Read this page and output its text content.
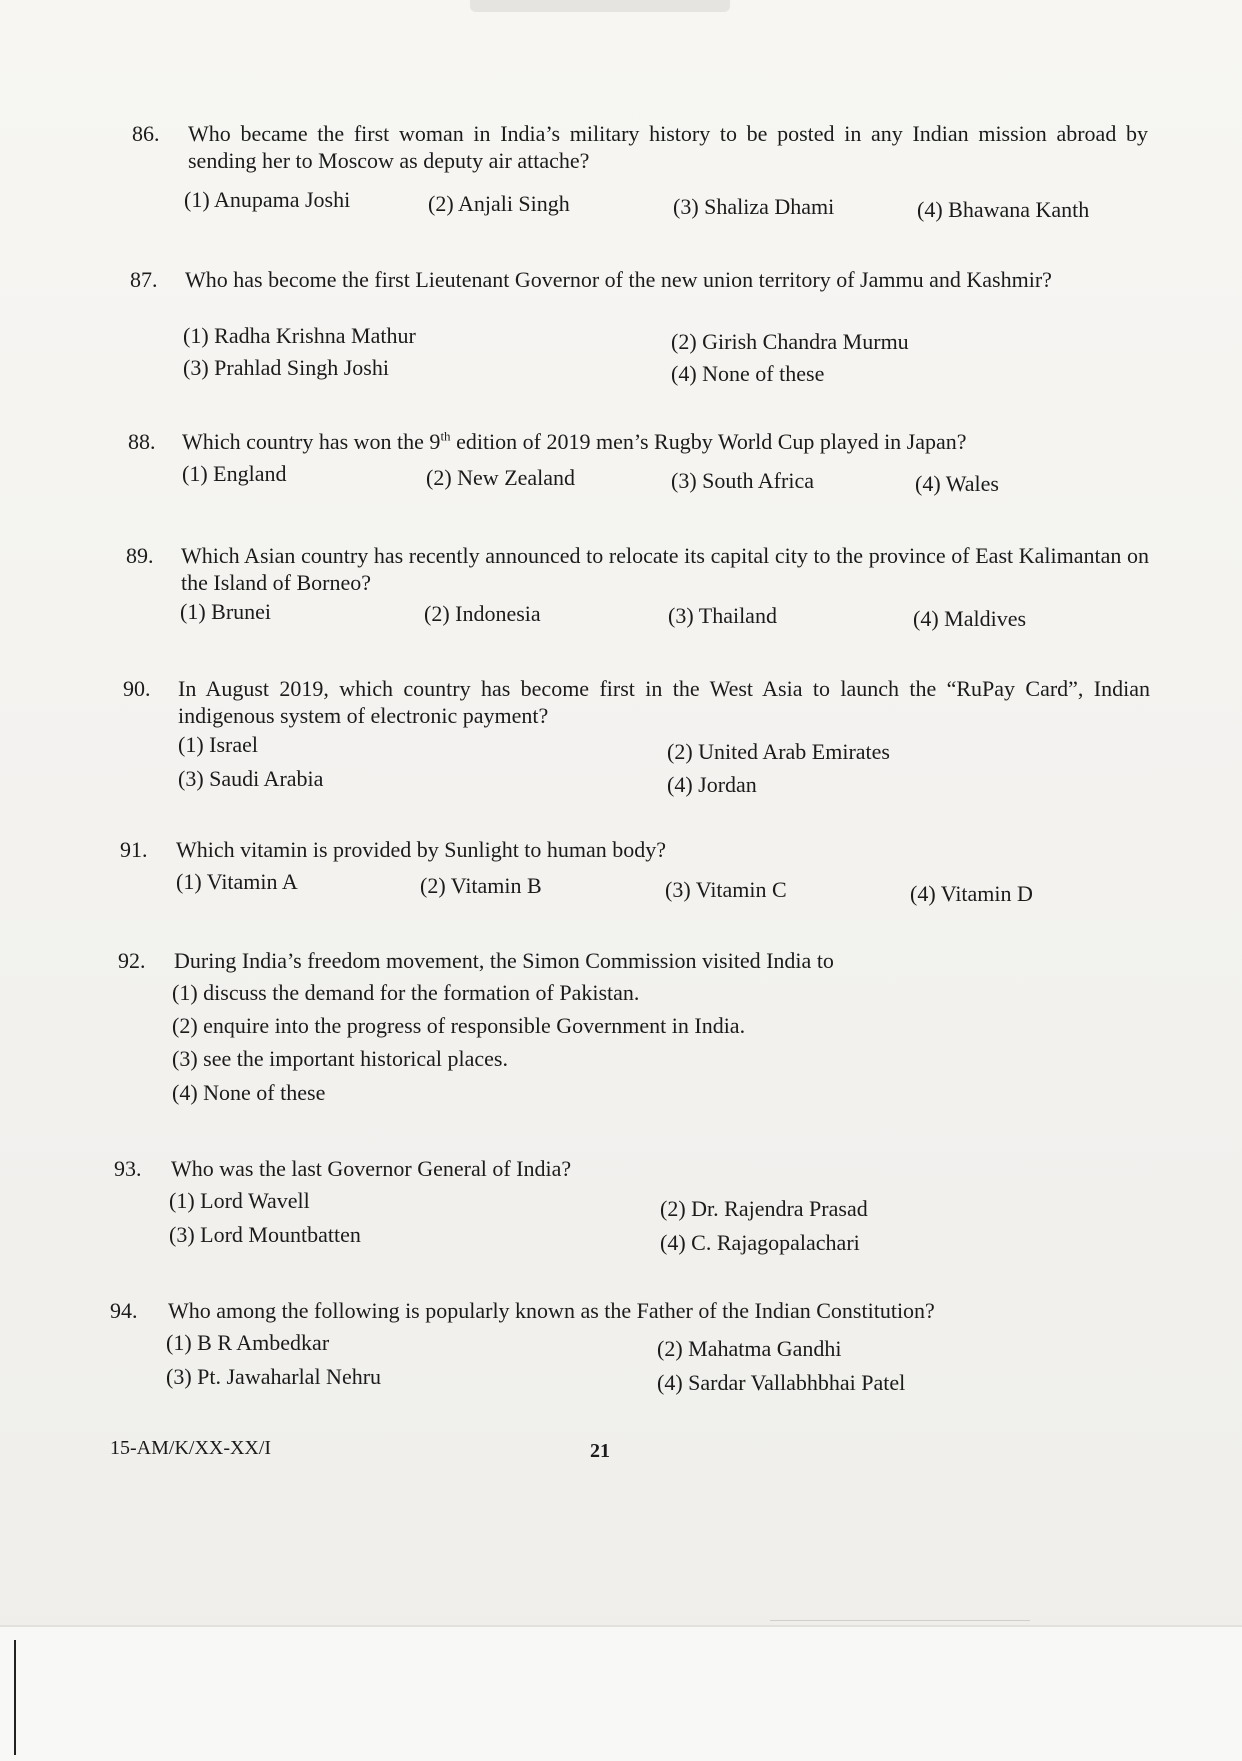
86. Who became the first woman in India’s military history to be posted in any Indian mission abroad by sending her to Moscow as deputy air attache?
(1) Anupama Joshi	(2) Anjali Singh	(3) Shaliza Dhami	(4) Bhawana Kanth
87. Who has become the first Lieutenant Governor of the new union territory of Jammu and Kashmir?
(1) Radha Krishna Mathur	(2) Girish Chandra Murmu
(3) Prahlad Singh Joshi	(4) None of these
88. Which country has won the 9th edition of 2019 men’s Rugby World Cup played in Japan?
(1) England	(2) New Zealand	(3) South Africa	(4) Wales
89. Which Asian country has recently announced to relocate its capital city to the province of East Kalimantan on the Island of Borneo?
(1) Brunei	(2) Indonesia	(3) Thailand	(4) Maldives
90. In August 2019, which country has become first in the West Asia to launch the “RuPay Card”, Indian indigenous system of electronic payment?
(1) Israel	(2) United Arab Emirates
(3) Saudi Arabia	(4) Jordan
91. Which vitamin is provided by Sunlight to human body?
(1) Vitamin A	(2) Vitamin B	(3) Vitamin C	(4) Vitamin D
92. During India’s freedom movement, the Simon Commission visited India to
(1) discuss the demand for the formation of Pakistan.
(2) enquire into the progress of responsible Government in India.
(3) see the important historical places.
(4) None of these
93. Who was the last Governor General of India?
(1) Lord Wavell	(2) Dr. Rajendra Prasad
(3) Lord Mountbatten	(4) C. Rajagopalachari
94. Who among the following is popularly known as the Father of the Indian Constitution?
(1) B R Ambedkar	(2) Mahatma Gandhi
(3) Pt. Jawaharlal Nehru	(4) Sardar Vallabhbhai Patel
15-AM/K/XX-XX/I	21
